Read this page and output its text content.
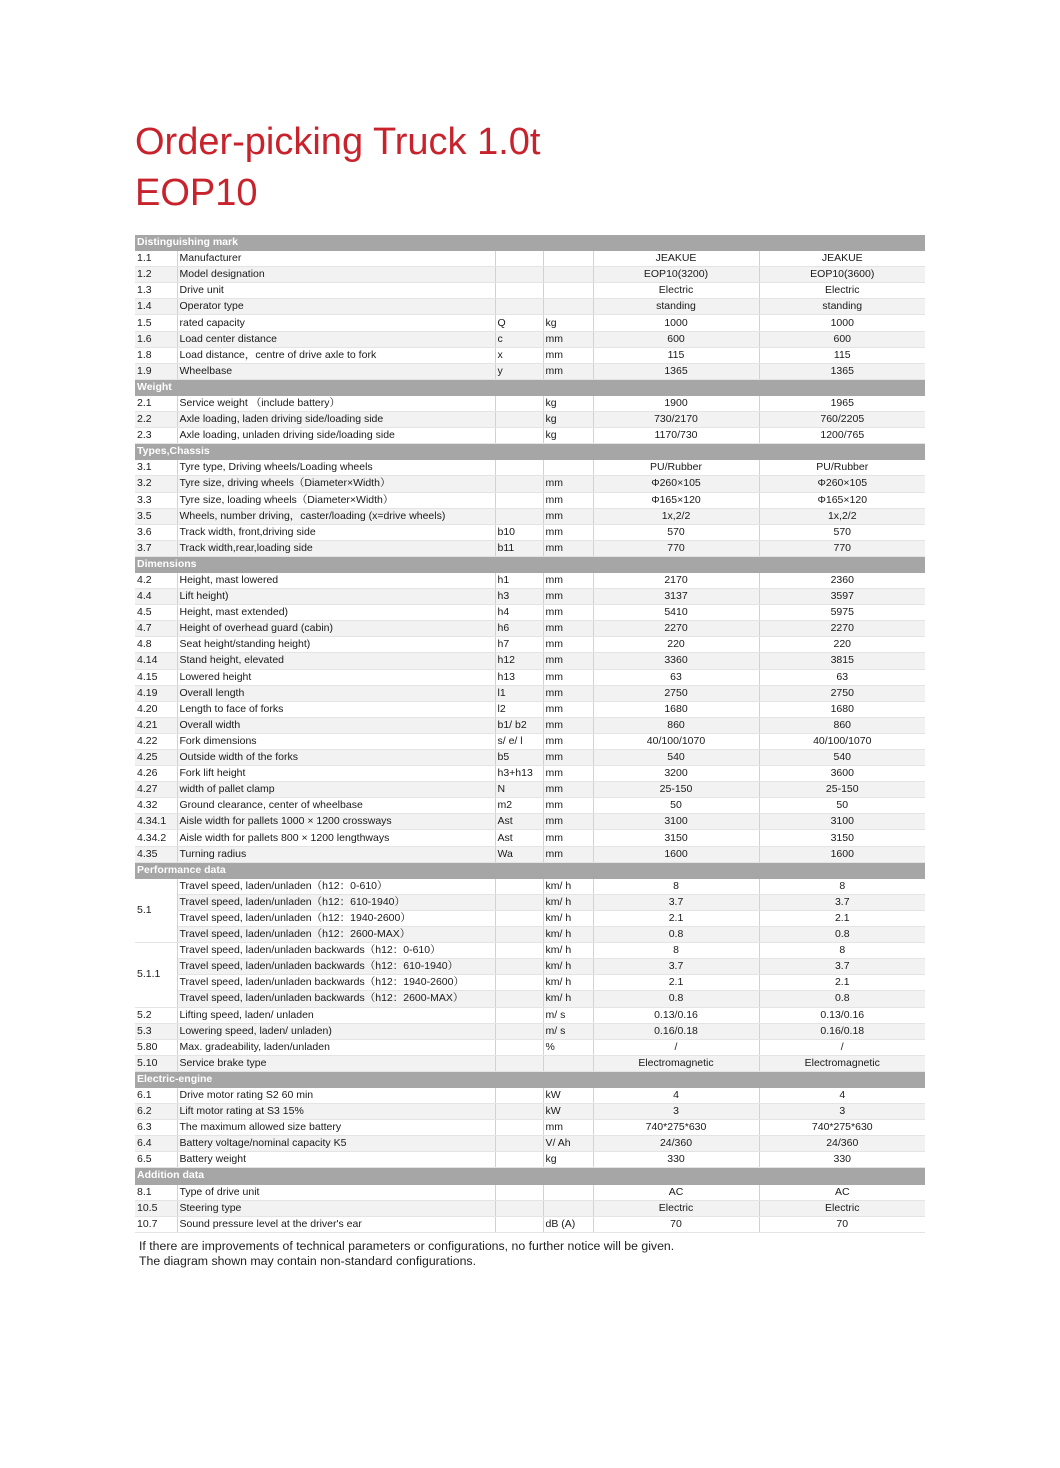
Order-picking Truck 1.0t
EOP10
Distinguishing mark					
1.1	Manufacturer			JEAKUE	JEAKUE
1.2	Model designation			EOP10(3200)	EOP10(3600)
1.3	Drive unit			Electric	Electric
1.4	Operator type			standing	standing
1.5	rated capacity	Q	kg	1000	1000
1.6	Load center distance	c	mm	600	600
1.8	Load distance，centre of drive axle to fork	x	mm	115	115
1.9	Wheelbase	y	mm	1365	1365
Weight					
2.1	Service weight （include battery）		kg	1900	1965
2.2	Axle loading, laden driving side/loading side		kg	730/2170	760/2205
2.3	Axle loading, unladen driving side/loading side		kg	1170/730	1200/765
Types,Chassis					
3.1	Tyre type, Driving wheels/Loading wheels			PU/Rubber	PU/Rubber
3.2	Tyre size, driving wheels（Diameter×Width）		mm	Φ260×105	Φ260×105
3.3	Tyre size, loading wheels（Diameter×Width）		mm	Φ165×120	Φ165×120
3.5	Wheels, number driving，caster/loading (x=drive wheels)		mm	1x,2/2	1x,2/2
3.6	Track width, front,driving side	b10	mm	570	570
3.7	Track width,rear,loading side	b11	mm	770	770
Dimensions					
4.2	Height, mast lowered	h1	mm	2170	2360
4.4	Lift height)	h3	mm	3137	3597
4.5	Height, mast extended)	h4	mm	5410	5975
4.7	Height of overhead guard (cabin)	h6	mm	2270	2270
4.8	Seat height/standing height)	h7	mm	220	220
4.14	Stand height, elevated	h12	mm	3360	3815
4.15	Lowered height	h13	mm	63	63
4.19	Overall length	l1	mm	2750	2750
4.20	Length to face of forks	l2	mm	1680	1680
4.21	Overall width	b1/ b2	mm	860	860
4.22	Fork dimensions	s/ e/ l	mm	40/100/1070	40/100/1070
4.25	Outside width of the forks	b5	mm	540	540
4.26	Fork lift height	h3+h13	mm	3200	3600
4.27	width of pallet clamp	N	mm	25-150	25-150
4.32	Ground clearance, center of wheelbase	m2	mm	50	50
4.34.1	Aisle width for pallets 1000 × 1200 crossways	Ast	mm	3100	3100
4.34.2	Aisle width for pallets 800 × 1200 lengthways	Ast	mm	3150	3150
4.35	Turning radius	Wa	mm	1600	1600
Performance data					
5.1	Travel speed, laden/unladen（h12：0-610）		km/ h	8	8
	Travel speed, laden/unladen（h12：610-1940）		km/ h	3.7	3.7
	Travel speed, laden/unladen（h12：1940-2600）		km/ h	2.1	2.1
	Travel speed, laden/unladen（h12：2600-MAX）		km/ h	0.8	0.8
5.1.1	Travel speed, laden/unladen backwards（h12：0-610）		km/ h	8	8
	Travel speed, laden/unladen backwards（h12：610-1940）		km/ h	3.7	3.7
	Travel speed, laden/unladen backwards（h12：1940-2600）		km/ h	2.1	2.1
	Travel speed, laden/unladen backwards（h12：2600-MAX）		km/ h	0.8	0.8
5.2	Lifting speed, laden/ unladen		m/ s	0.13/0.16	0.13/0.16
5.3	Lowering speed, laden/ unladen)		m/ s	0.16/0.18	0.16/0.18
5.80	Max. gradeability, laden/unladen		%	/	/
5.10	Service brake type			Electromagnetic	Electromagnetic
Electric-engine					
6.1	Drive motor rating S2 60 min		kW	4	4
6.2	Lift motor rating at S3 15%		kW	3	3
6.3	The maximum allowed size battery		mm	740*275*630	740*275*630
6.4	Battery voltage/nominal capacity K5		V/ Ah	24/360	24/360
6.5	Battery weight		kg	330	330
Addition data					
8.1	Type of drive unit			AC	AC
10.5	Steering type			Electric	Electric
10.7	Sound pressure level at the driver's ear		dB (A)	70	70
If there are improvements of technical parameters or configurations, no further notice will be given.
The diagram shown may contain non-standard configurations.
